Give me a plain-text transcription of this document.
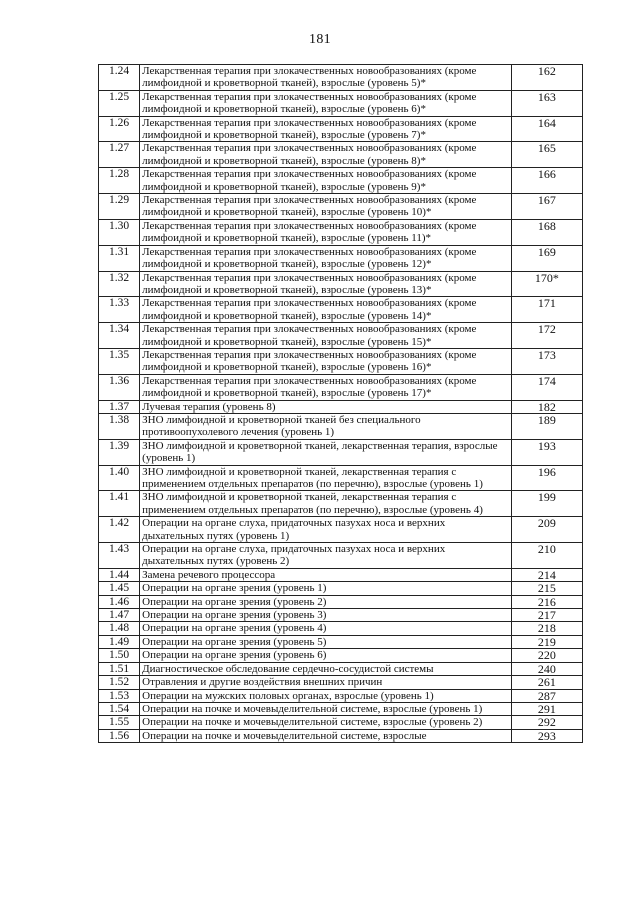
181
1.24	Лекарственная терапия при злокачественных новообразованиях (кроме лимфоидной и кроветворной тканей), взрослые (уровень 5)*	162
1.25	Лекарственная терапия при злокачественных новообразованиях (кроме лимфоидной и кроветворной тканей), взрослые (уровень 6)*	163
1.26	Лекарственная терапия при злокачественных новообразованиях (кроме лимфоидной и кроветворной тканей), взрослые (уровень 7)*	164
1.27	Лекарственная терапия при злокачественных новообразованиях (кроме лимфоидной и кроветворной тканей), взрослые (уровень 8)*	165
1.28	Лекарственная терапия при злокачественных новообразованиях (кроме лимфоидной и кроветворной тканей), взрослые (уровень 9)*	166
1.29	Лекарственная терапия при злокачественных новообразованиях (кроме лимфоидной и кроветворной тканей), взрослые (уровень 10)*	167
1.30	Лекарственная терапия при злокачественных новообразованиях (кроме лимфоидной и кроветворной тканей), взрослые (уровень 11)*	168
1.31	Лекарственная терапия при злокачественных новообразованиях (кроме лимфоидной и кроветворной тканей), взрослые (уровень 12)*	169
1.32	Лекарственная терапия при злокачественных новообразованиях (кроме лимфоидной и кроветворной тканей), взрослые (уровень 13)*	170*
1.33	Лекарственная терапия при злокачественных новообразованиях (кроме лимфоидной и кроветворной тканей), взрослые (уровень 14)*	171
1.34	Лекарственная терапия при злокачественных новообразованиях (кроме лимфоидной и кроветворной тканей), взрослые (уровень 15)*	172
1.35	Лекарственная терапия при злокачественных новообразованиях (кроме лимфоидной и кроветворной тканей), взрослые (уровень 16)*	173
1.36	Лекарственная терапия при злокачественных новообразованиях (кроме лимфоидной и кроветворной тканей), взрослые (уровень 17)*	174
1.37	Лучевая терапия (уровень 8)	182
1.38	ЗНО лимфоидной и кроветворной тканей без специального противоопухолевого лечения (уровень 1)	189
1.39	ЗНО лимфоидной и кроветворной тканей, лекарственная терапия, взрослые (уровень 1)	193
1.40	ЗНО лимфоидной и кроветворной тканей, лекарственная терапия с применением отдельных препаратов (по перечню), взрослые (уровень 1)	196
1.41	ЗНО лимфоидной и кроветворной тканей, лекарственная терапия с применением отдельных препаратов (по перечню), взрослые (уровень 4)	199
1.42	Операции на органе слуха, придаточных пазухах носа и верхних дыхательных путях (уровень 1)	209
1.43	Операции на органе слуха, придаточных пазухах носа и верхних дыхательных путях (уровень 2)	210
1.44	Замена речевого процессора	214
1.45	Операции на органе зрения (уровень 1)	215
1.46	Операции на органе зрения (уровень 2)	216
1.47	Операции на органе зрения (уровень 3)	217
1.48	Операции на органе зрения (уровень 4)	218
1.49	Операции на органе зрения (уровень 5)	219
1.50	Операции на органе зрения (уровень 6)	220
1.51	Диагностическое обследование сердечно-сосудистой системы	240
1.52	Отравления и другие воздействия внешних причин	261
1.53	Операции на мужских половых органах, взрослые (уровень 1)	287
1.54	Операции на почке и мочевыделительной системе, взрослые (уровень 1)	291
1.55	Операции на почке и мочевыделительной системе, взрослые (уровень 2)	292
1.56	Операции на почке и мочевыделительной системе, взрослые	293
